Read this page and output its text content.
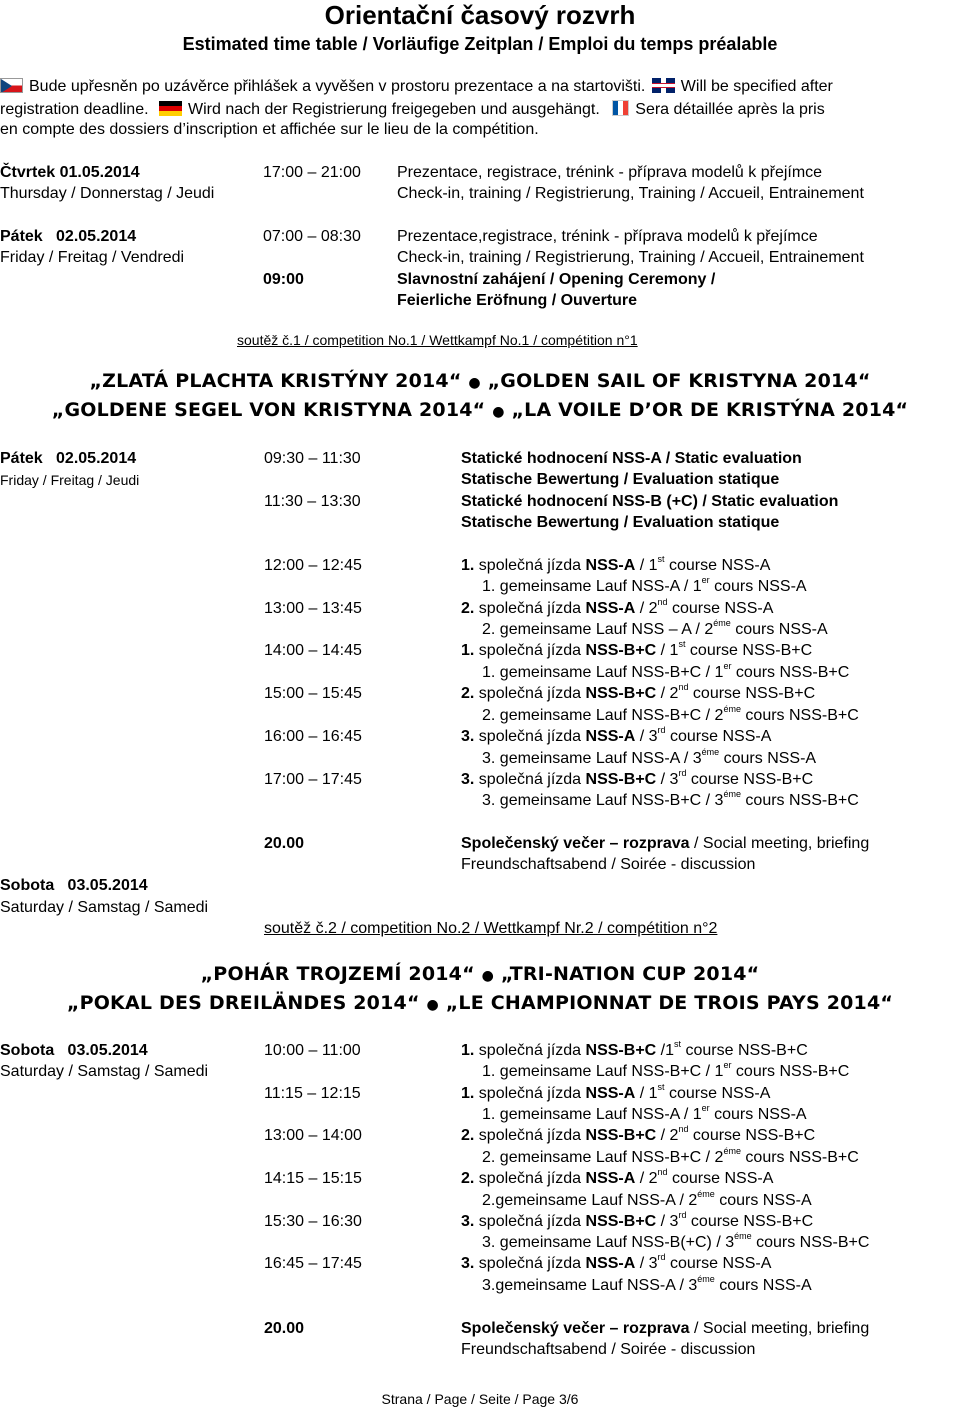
Orientační časový rozvrh
Estimated time table / Vorläufige Zeitplan / Emploi du temps préalable
Bude upřesněn po uzávěrce přihlášek a vyvěšen v prostoru prezentace a na startovišti. Will be specified after
registration deadline. Wird nach der Registrierung freigegeben und ausgehängt. Sera détaillée après la pris
en compte des dossiers d’inscription et affichée sur le lieu de la compétition.
Čtvrtek 01.05.2014
Thursday / Donnerstag / Jeudi
17:00 – 21:00 Prezentace, registrace, trénink - příprava modelů k přejímce
Check-in, training / Registrierung, Training / Accueil, Entrainement
Pátek   02.05.2014
Friday / Freitag / Vendredi
07:00 – 08:30 Prezentace,registrace, trénink - příprava modelů k přejímce
Check-in, training / Registrierung, Training / Accueil, Entrainement
09:00	Slavnostní zahájení / Opening Ceremony /
Feierliche Eröfnung / Ouverture
soutěž č.1 / competition No.1 / Wettkampf No.1 / compétition n°1
„ZLATÁ PLACHTA KRISTÝNY 2014“ ● „GOLDEN SAIL OF KRISTYNA 2014“
„GOLDENE SEGEL VON KRISTYNA 2014“ ● „LA VOILE D’OR DE KRISTÝNA 2014“
Pátek   02.05.2014
Friday / Freitag / Jeudi
09:30 – 11:30	Statické hodnocení NSS-A / Static evaluation
Statische Bewertung / Evaluation statique
11:30 – 13:30	Statické hodnocení NSS-B (+C) / Static evaluation
Statische Bewertung / Evaluation statique
12:00 – 12:45	1. společná jízda NSS-A / 1st course NSS-A
1. gemeinsame Lauf NSS-A / 1er cours NSS-A
13:00 – 13:45	2. společná jízda NSS-A / 2nd course NSS-A
2. gemeinsame Lauf NSS – A / $2^{éme}$ cours NSS-A
14:00 – 14:45	1. společná jízda NSS-B+C / 1st course NSS-B+C
1. gemeinsame Lauf NSS-B+C / 1er cours NSS-B+C
15:00 – 15:45	2. společná jízda NSS-B+C / 2nd course NSS-B+C
2. gemeinsame Lauf $NSS-B+C / 2^{éme}$ cours NSS-B+C
16:00 – 16:45	3. společná jízda NSS-A / 3rd course NSS-A
3. gemeinsame Lauf $NSS-A / 3^{éme}$ cours NSS-A
17:00 – 17:45	3. společná jízda NSS-B+C / 3rd course NSS-B+C
3. gemeinsame Lauf $NSS-B+C / 3^{éme}$ cours NSS-B+C
20.00	Společenský večer – rozprava / Social meeting, briefing
Freundschaftsabend / Soirée - discussion
Sobota   03.05.2014
Saturday / Samstag / Samedi
soutěž č.2 / competition No.2 / Wettkampf Nr.2 / compétition n°2
„POHÁR TROJZEMÍ 2014“ ● „TRI-NATION CUP 2014“
„POKAL DES DREILÄNDES 2014“ ● „LE CHAMPIONNAT DE TROIS PAYS 2014“
Sobota   03.05.2014
Saturday / Samstag / Samedi
10:00 – 11:00	1. společná jízda NSS-B+C /1st course NSS-B+C
1. gemeinsame Lauf NSS-B+C / 1er cours NSS-B+C
11:15 – 12:15	1. společná jízda NSS-A / 1st course NSS-A
1. gemeinsame Lauf NSS-A / 1er cours NSS-A
13:00 – 14:00	2. společná jízda NSS-B+C / 2nd course NSS-B+C
2. gemeinsame Lauf $NSS-B+C / 2^{éme}$ cours NSS-B+C
14:15 – 15:15	2. společná jízda NSS-A / 2nd course NSS-A
2.gemeinsame Lauf $NSS-A / 2^{éme}$ cours NSS-A
15:30 – 16:30	3. společná jízda NSS-B+C / 3rd course NSS-B+C
3. gemeinsame Lauf $NSS-B(+C) / 3^{éme}$ cours NSS-B+C
16:45 – 17:45	3. společná jízda NSS-A / 3rd course NSS-A
3.gemeinsame Lauf $NSS-A / 3^{éme}$ cours NSS-A
20.00	Společenský večer – rozprava / Social meeting, briefing
Freundschaftsabend / Soirée - discussion
Strana / Page / Seite / Page 3/6
